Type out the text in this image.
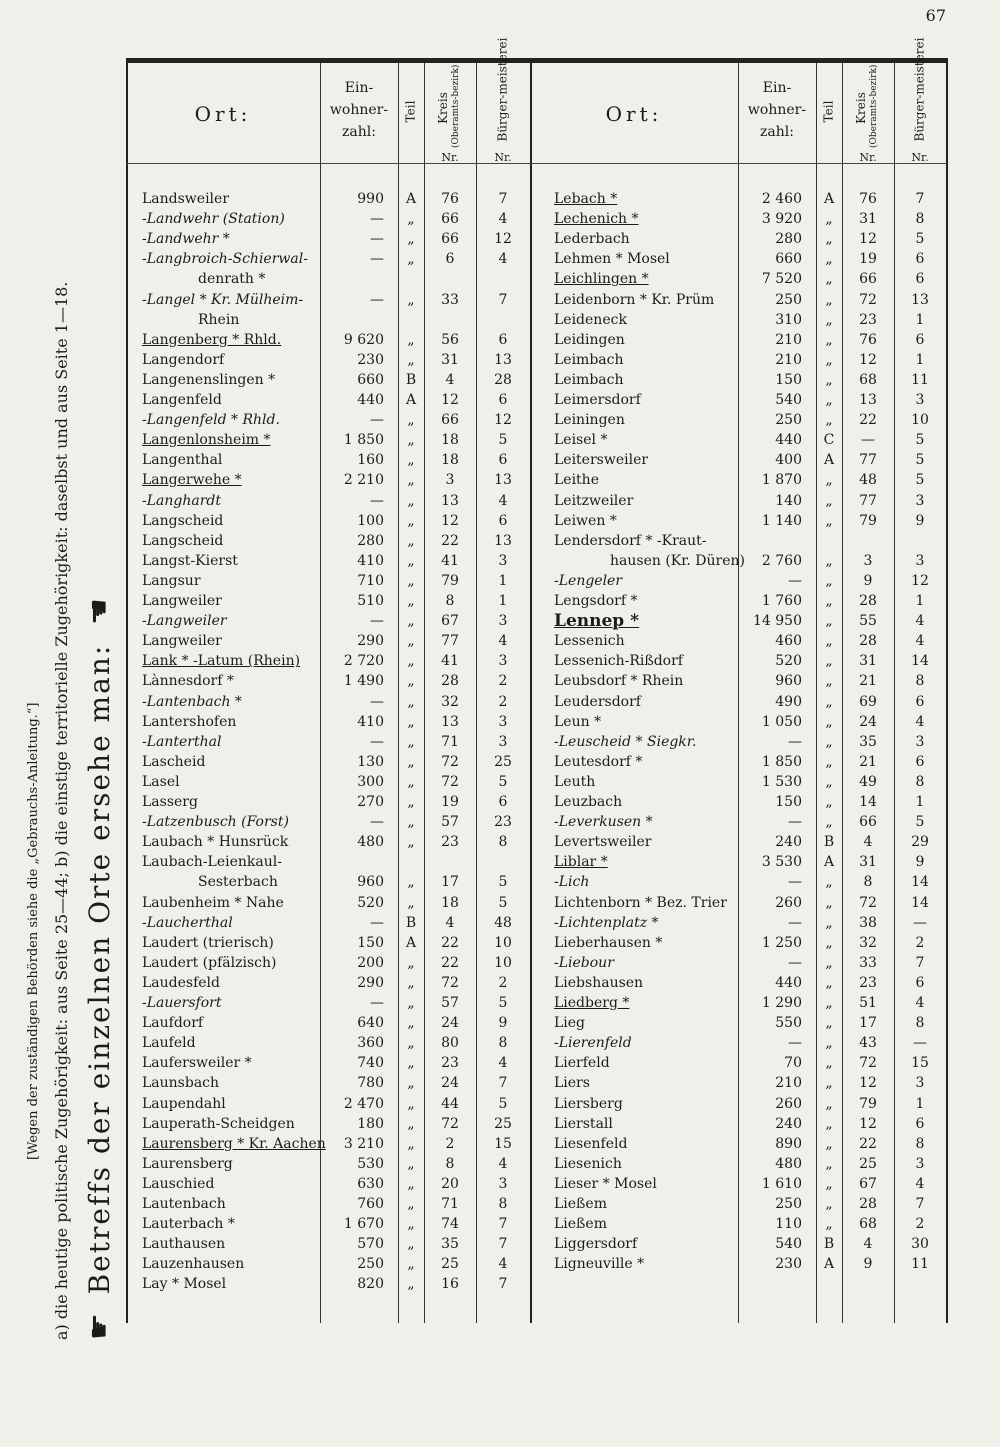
67
☛ Betreffs der einzelnen Orte ersehe man: ☚
a) die heutige politische Zugehörigkeit: aus Seite 25—44; b) die einstige territorielle Zugehörigkeit: daselbst und aus Seite 1—18.
[Wegen der zuständigen Behörden siehe die „Gebrauchs-Anleitung.“]
Ort:
Ein-
wohner-
zahl:
Teil Kreis (Oberamts-bezirk)
Nr.
Bürger-meisterei
Nr.
Ort:
Ein-
wohner-
zahl:
Teil Kreis (Oberamts-bezirk)
Nr.
Bürger-meisterei
Nr.
Landsweiler	990	A	76	7
-Landwehr (Station)	—	„	66	4
-Landwehr *	—	„	66	12
-Langbroich-Schierwal-	—	„	6	4
denrath *
-Langel * Kr. Mülheim-	—	„	33	7
Rhein
Langenberg * Rhld.	9 620	„	56	6
Langendorf	230	„	31	13
Langenenslingen *	660	B	4	28
Langenfeld	440	A	12	6
-Langenfeld * Rhld.	—	„	66	12
Langenlonsheim *	1 850	„	18	5
Langenthal	160	„	18	6
Langerwehe *	2 210	„	3	13
-Langhardt	—	„	13	4
Langscheid	100	„	12	6
Langscheid	280	„	22	13
Langst-Kierst	410	„	41	3
Langsur	710	„	79	1
Langweiler	510	„	8	1
-Langweiler	—	„	67	3
Langweiler	290	„	77	4
Lank * -Latum (Rhein)	2 720	„	41	3
Lànnesdorf *	1 490	„	28	2
-Lantenbach *	—	„	32	2
Lantershofen	410	„	13	3
-Lanterthal	—	„	71	3
Lascheid	130	„	72	25
Lasel	300	„	72	5
Lasserg	270	„	19	6
-Latzenbusch (Forst)	—	„	57	23
Laubach * Hunsrück	480	„	23	8
Laubach-Leienkaul-
Sesterbach	960	„	17	5
Laubenheim * Nahe	520	„	18	5
-Laucherthal	—	B	4	48
Laudert (trierisch)	150	A	22	10
Laudert (pfälzisch)	200	„	22	10
Laudesfeld	290	„	72	2
-Lauersfort	—	„	57	5
Laufdorf	640	„	24	9
Laufeld	360	„	80	8
Laufersweiler *	740	„	23	4
Launsbach	780	„	24	7
Laupendahl	2 470	„	44	5
Lauperath-Scheidgen	180	„	72	25
Laurensberg * Kr. Aachen	3 210	„	2	15
Laurensberg	530	„	8	4
Lauschied	630	„	20	3
Lautenbach	760	„	71	8
Lauterbach *	1 670	„	74	7
Lauthausen	570	„	35	7
Lauzenhausen	250	„	25	4
Lay * Mosel	820	„	16	7
Lebach *	2 460	A	76	7
Lechenich *	3 920	„	31	8
Lederbach	280	„	12	5
Lehmen * Mosel	660	„	19	6
Leichlingen *	7 520	„	66	6
Leidenborn * Kr. Prüm	250	„	72	13
Leideneck	310	„	23	1
Leidingen	210	„	76	6
Leimbach	210	„	12	1
Leimbach	150	„	68	11
Leimersdorf	540	„	13	3
Leiningen	250	„	22	10
Leisel *	440	C	—	5
Leitersweiler	400	A	77	5
Leithe	1 870	„	48	5
Leitzweiler	140	„	77	3
Leiwen *	1 140	„	79	9
Lendersdorf * -Kraut-
hausen (Kr. Düren)	2 760	„	3	3
-Lengeler	—	„	9	12
Lengsdorf *	1 760	„	28	1
Lennep *	14 950	„	55	4
Lessenich	460	„	28	4
Lessenich-Rißdorf	520	„	31	14
Leubsdorf * Rhein	960	„	21	8
Leudersdorf	490	„	69	6
Leun *	1 050	„	24	4
-Leuscheid * Siegkr.	—	„	35	3
Leutesdorf *	1 850	„	21	6
Leuth	1 530	„	49	8
Leuzbach	150	„	14	1
-Leverkusen *	—	„	66	5
Levertsweiler	240	B	4	29
Liblar *	3 530	A	31	9
-Lich	—	„	8	14
Lichtenborn * Bez. Trier	260	„	72	14
-Lichtenplatz *	—	„	38	—
Lieberhausen *	1 250	„	32	2
-Liebour	—	„	33	7
Liebshausen	440	„	23	6
Liedberg *	1 290	„	51	4
Lieg	550	„	17	8
-Lierenfeld	—	„	43	—
Lierfeld	70	„	72	15
Liers	210	„	12	3
Liersberg	260	„	79	1
Lierstall	240	„	12	6
Liesenfeld	890	„	22	8
Liesenich	480	„	25	3
Lieser * Mosel	1 610	„	67	4
Ließem	250	„	28	7
Ließem	110	„	68	2
Liggersdorf	540	B	4	30
Ligneuville *	230	A	9	11
